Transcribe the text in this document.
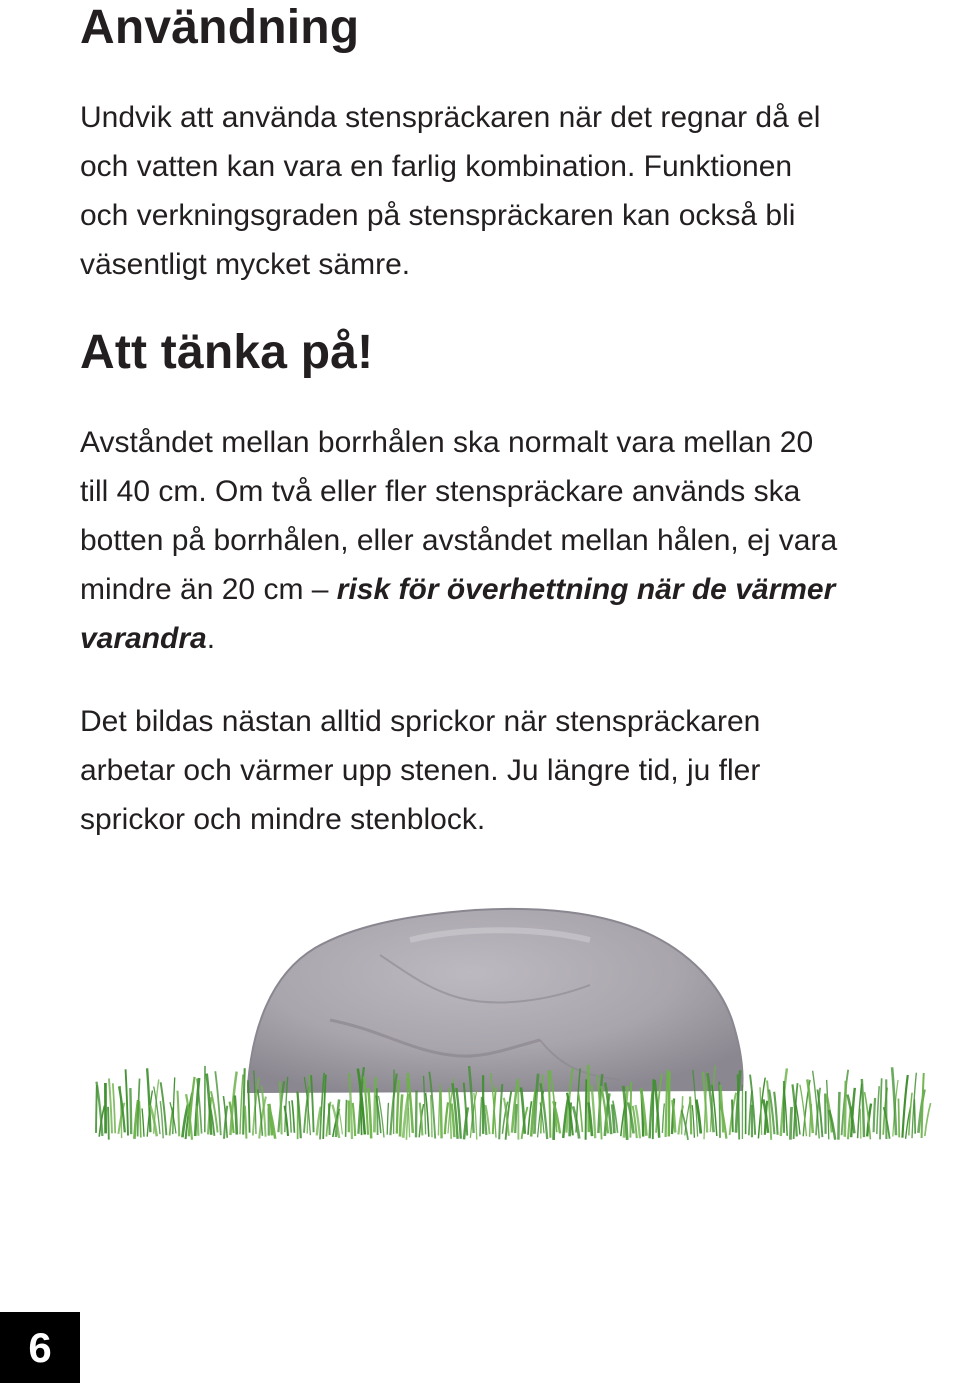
Användning

Undvik att använda stenspräckaren när det regnar då el
och vatten kan vara en farlig kombination. Funktionen
och verkningsgraden på stenspräckaren kan också bli
väsentligt mycket sämre.

Att tänka på!

Avståndet mellan borrhålen ska normalt vara mellan 20
till 40 cm. Om två eller fler stenspräckare används ska
botten på borrhålen, eller avståndet mellan hålen, ej vara
mindre än 20 cm – risk för överhettning när de värmer
varandra.

Det bildas nästan alltid sprickor när stenspräckaren
arbetar och värmer upp stenen. Ju längre tid, ju fler
sprickor och mindre stenblock.

6
